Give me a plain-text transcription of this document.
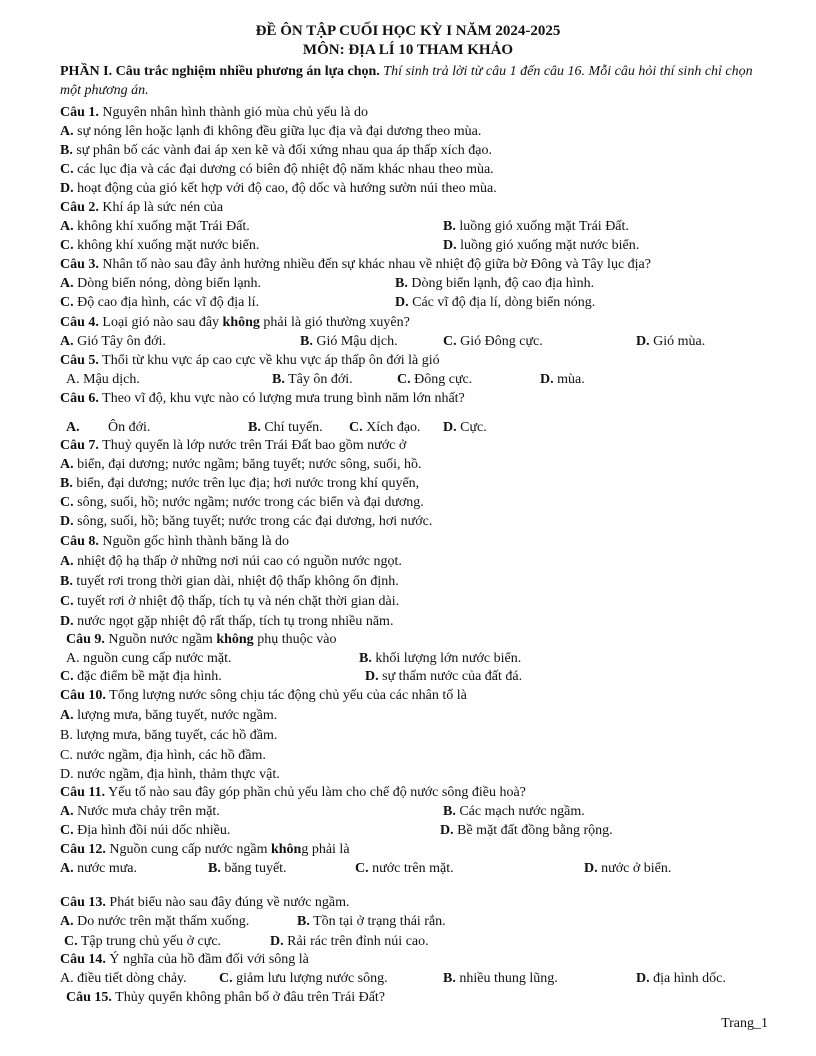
ĐỀ ÔN TẬP CUỐI HỌC KỲ I NĂM 2024-2025
MÔN: ĐỊA LÍ 10 THAM KHẢO
PHẦN I. Câu trắc nghiệm nhiều phương án lựa chọn. Thí sinh trả lời từ câu 1 đến câu 16. Mỗi câu hỏi thí sinh chỉ chọn một phương án.
Câu 1. Nguyên nhân hình thành gió mùa chủ yếu là do
A. sự nóng lên hoặc lạnh đi không đều giữa lục địa và đại dương theo mùa.
B. sự phân bố các vành đai áp xen kẽ và đối xứng nhau qua áp thấp xích đạo.
C. các lục địa và các đại dương có biên độ nhiệt độ năm khác nhau theo mùa.
D. hoạt động của gió kết hợp với độ cao, độ dốc và hướng sườn núi theo mùa.
Câu 2. Khí áp là sức nén của
A. không khí xuống mặt Trái Đất.	B. luồng gió xuống mặt Trái Đất.
C. không khí xuống mặt nước biển.	D. luồng gió xuống mặt nước biển.
Câu 3. Nhân tố nào sau đây ảnh hưởng nhiều đến sự khác nhau về nhiệt độ giữa bờ Đông và Tây lục địa?
A. Dòng biển nóng, dòng biển lạnh.	B. Dòng biển lạnh, độ cao địa hình.
C. Độ cao địa hình, các vĩ độ địa lí.	D. Các vĩ độ địa lí, dòng biển nóng.
Câu 4. Loại gió nào sau đây không phải là gió thường xuyên?
A. Gió Tây ôn đới.	B. Gió Mậu dịch.	C. Gió Đông cực.	D. Gió mùa.
Câu 5. Thổi từ khu vực áp cao cực về khu vực áp thấp ôn đới là gió
A. Mậu dịch.	B. Tây ôn đới.	C. Đông cực.	D. mùa.
Câu 6. Theo vĩ độ, khu vực nào có lượng mưa trung bình năm lớn nhất?
A. Ôn đới.	B. Chí tuyến. C. Xích đạo. D. Cực.
Câu 7. Thuỷ quyển là lớp nước trên Trái Đất bao gồm nước ở
A. biển, đại dương; nước ngầm; băng tuyết; nước sông, suối, hồ.
B. biển, đại dương; nước trên lục địa; hơi nước trong khí quyển,
C. sông, suối, hồ; nước ngầm; nước trong các biển và đại dương.
D. sông, suối, hồ; băng tuyết; nước trong các đại dương, hơi nước.
Câu 8. Nguồn gốc hình thành băng là do
A. nhiệt độ hạ thấp ở những nơi núi cao có nguồn nước ngọt.
B. tuyết rơi trong thời gian dài, nhiệt độ thấp không ổn định.
C. tuyết rơi ở nhiệt độ thấp, tích tụ và nén chặt thời gian dài.
D. nước ngọt gặp nhiệt độ rất thấp, tích tụ trong nhiều năm.
Câu 9. Nguồn nước ngầm không phụ thuộc vào
A. nguồn cung cấp nước mặt.	B. khối lượng lớn nước biển.
C. đặc điểm bề mặt địa hình.	D. sự thấm nước của đất đá.
Câu 10. Tổng lượng nước sông chịu tác động chủ yếu của các nhân tố là
A. lượng mưa, băng tuyết, nước ngầm.
B. lượng mưa, băng tuyết, các hồ đầm.
C. nước ngầm, địa hình, các hồ đầm.
D. nước ngầm, địa hình, thảm thực vật.
Câu 11. Yếu tố nào sau đây góp phần chủ yếu làm cho chế độ nước sông điều hoà?
A. Nước mưa chảy trên mặt.	B. Các mạch nước ngầm.
C. Địa hình đồi núi dốc nhiều.	D. Bề mặt đất đồng bằng rộng.
Câu 12. Nguồn cung cấp nước ngầm không phải là
A. nước mưa.	B. băng tuyết.	C. nước trên mặt.	D. nước ở biển.
Câu 13. Phát biểu nào sau đây đúng về nước ngầm.
A. Do nước trên mặt thấm xuống.	B. Tồn tại ở trạng thái rắn.
C. Tập trung chủ yếu ở cực.	D. Rải rác trên đỉnh núi cao.
Câu 14. Ý nghĩa của hồ đầm đối với sông là
A. điều tiết dòng chảy. C. giảm lưu lượng nước sông.	B. nhiều thung lũng.	D. địa hình dốc.
Câu 15. Thủy quyển không phân bố ở đâu trên Trái Đất?
Trang_1
